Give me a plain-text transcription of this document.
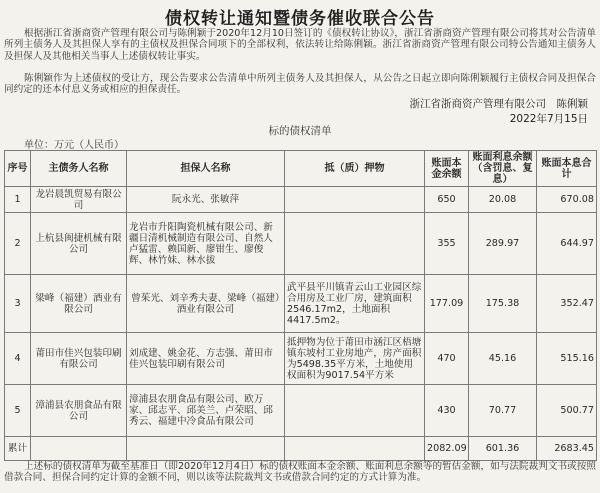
债权转让通知暨债务催收联合公告
根据浙江省浙商资产管理有限公司与陈俐颖于2020年12月10日签订的《债权转让协议》，浙江省浙商资产管理有限公司将其对公告清单所列主债务人及其担保人享有的主债权及担保合同项下的全部权利，依法转让给陈俐颖。浙江省浙商资产管理有限公司特公告通知主债务人及担保人及其他相关当事人上述债权转让事实。
陈俐颖作为上述债权的受让方，现公告要求公告清单中所列主债务人及其担保人，从公告之日起立即向陈俐颖履行主债权合同及担保合同约定的还本付息义务或相应的担保责任。
浙江省浙商资产管理有限公司　陈俐颖
2022年7月15日
标的债权清单
单位：万元（人民币）
序号	主债务人名称	担保人名称	抵（质）押物	账面本金余额	账面利息余额（含罚息、复息）	账面本息合计
1	龙岩晨凯贸易有限公司	阮永光、张敏萍		650	20.08	670.08
2	上杭县闽捷机械有限公司	龙岩市升阳陶瓷机械有限公司、新疆日清机械制造有限公司、自然人卢猛雷、赖国新、廖钳生、廖俊辉、林竹妹、林水拔		355	289.97	644.97
3	梁峰（福建）酒业有限公司	曾茱光、刘辛秀夫妻、梁峰（福建）酒业有限公司	武平县平川镇青云山工业园区综合用房及工业厂房，建筑面积2546.17m2，土地面积4417.5m2。	177.09	175.38	352.47
4	莆田市佳兴包装印刷有限公司	刘成建、姚金花、方志强、莆田市佳兴包装印刷有限公司	抵押物为位于莆田市涵江区梧塘镇东坡村工业房地产，房产面积为5498.35平方米，土地使用权面积为9017.54平方米	470	45.16	515.16
5	漳浦县农朋食品有限公司	漳浦县农朋食品有限公司、欧万家、邱志平、邱美兰、卢荣昭、邱秀云、福建中冷食品有限公司		430	70.77	500.77
累计				2082.09	601.36	2683.45
上述标的债权清单为截至基准日（即2020年12月4日）标的债权账面本金余额、账面利息余额等的暂估金额，如与法院裁判文书或按照借款合同、担保合同约定计算的金额不同，则以该等法院裁判文书或借款合同约定的方式计算为准。
